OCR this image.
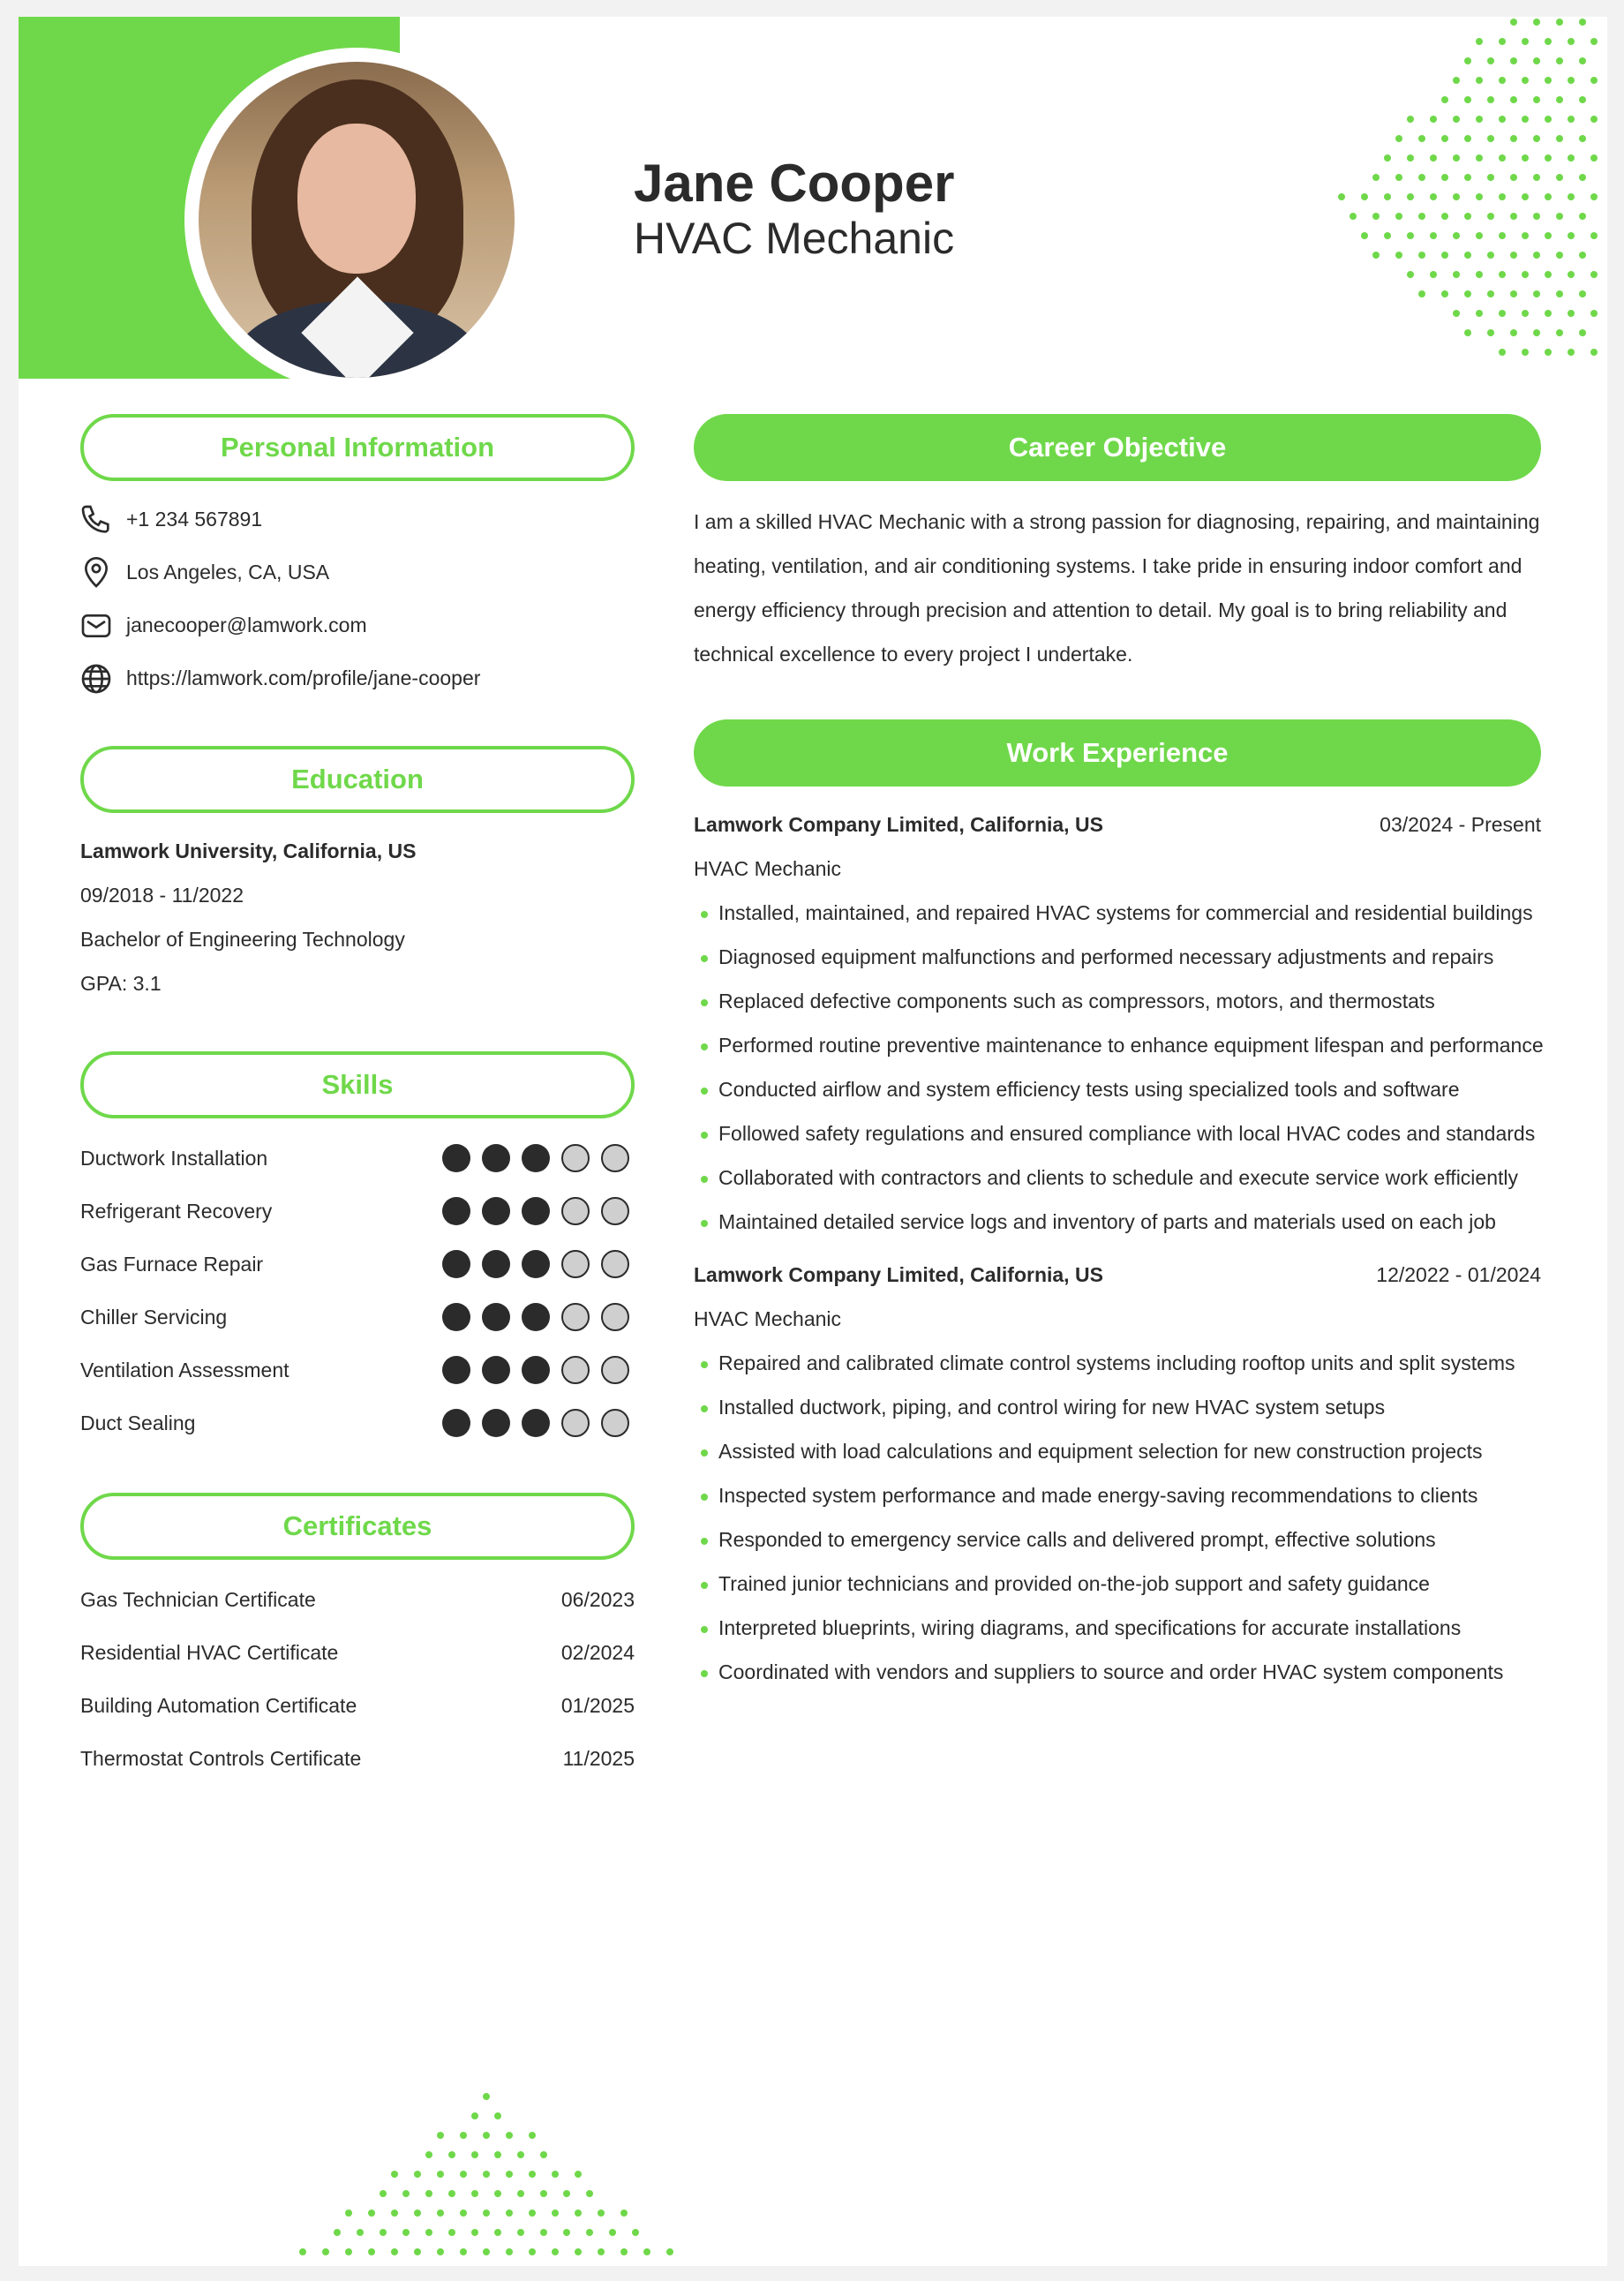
Jane Cooper
HVAC Mechanic
Personal Information
+1 234 567891
Los Angeles, CA, USA
janecooper@lamwork.com
https://lamwork.com/profile/jane-cooper
Education
Lamwork University, California, US
09/2018 - 11/2022
Bachelor of Engineering Technology
GPA: 3.1
Skills
Ductwork Installation
Refrigerant Recovery
Gas Furnace Repair
Chiller Servicing
Ventilation Assessment
Duct Sealing
Certificates
Gas Technician Certificate	06/2023
Residential HVAC Certificate	02/2024
Building Automation Certificate	01/2025
Thermostat Controls Certificate	11/2025
Career Objective
I am a skilled HVAC Mechanic with a strong passion for diagnosing, repairing, and maintaining heating, ventilation, and air conditioning systems. I take pride in ensuring indoor comfort and energy efficiency through precision and attention to detail. My goal is to bring reliability and technical excellence to every project I undertake.
Work Experience
Lamwork Company Limited, California, US	03/2024 - Present
HVAC Mechanic
Installed, maintained, and repaired HVAC systems for commercial and residential buildings
Diagnosed equipment malfunctions and performed necessary adjustments and repairs
Replaced defective components such as compressors, motors, and thermostats
Performed routine preventive maintenance to enhance equipment lifespan and performance
Conducted airflow and system efficiency tests using specialized tools and software
Followed safety regulations and ensured compliance with local HVAC codes and standards
Collaborated with contractors and clients to schedule and execute service work efficiently
Maintained detailed service logs and inventory of parts and materials used on each job
Lamwork Company Limited, California, US	12/2022 - 01/2024
HVAC Mechanic
Repaired and calibrated climate control systems including rooftop units and split systems
Installed ductwork, piping, and control wiring for new HVAC system setups
Assisted with load calculations and equipment selection for new construction projects
Inspected system performance and made energy-saving recommendations to clients
Responded to emergency service calls and delivered prompt, effective solutions
Trained junior technicians and provided on-the-job support and safety guidance
Interpreted blueprints, wiring diagrams, and specifications for accurate installations
Coordinated with vendors and suppliers to source and order HVAC system components
